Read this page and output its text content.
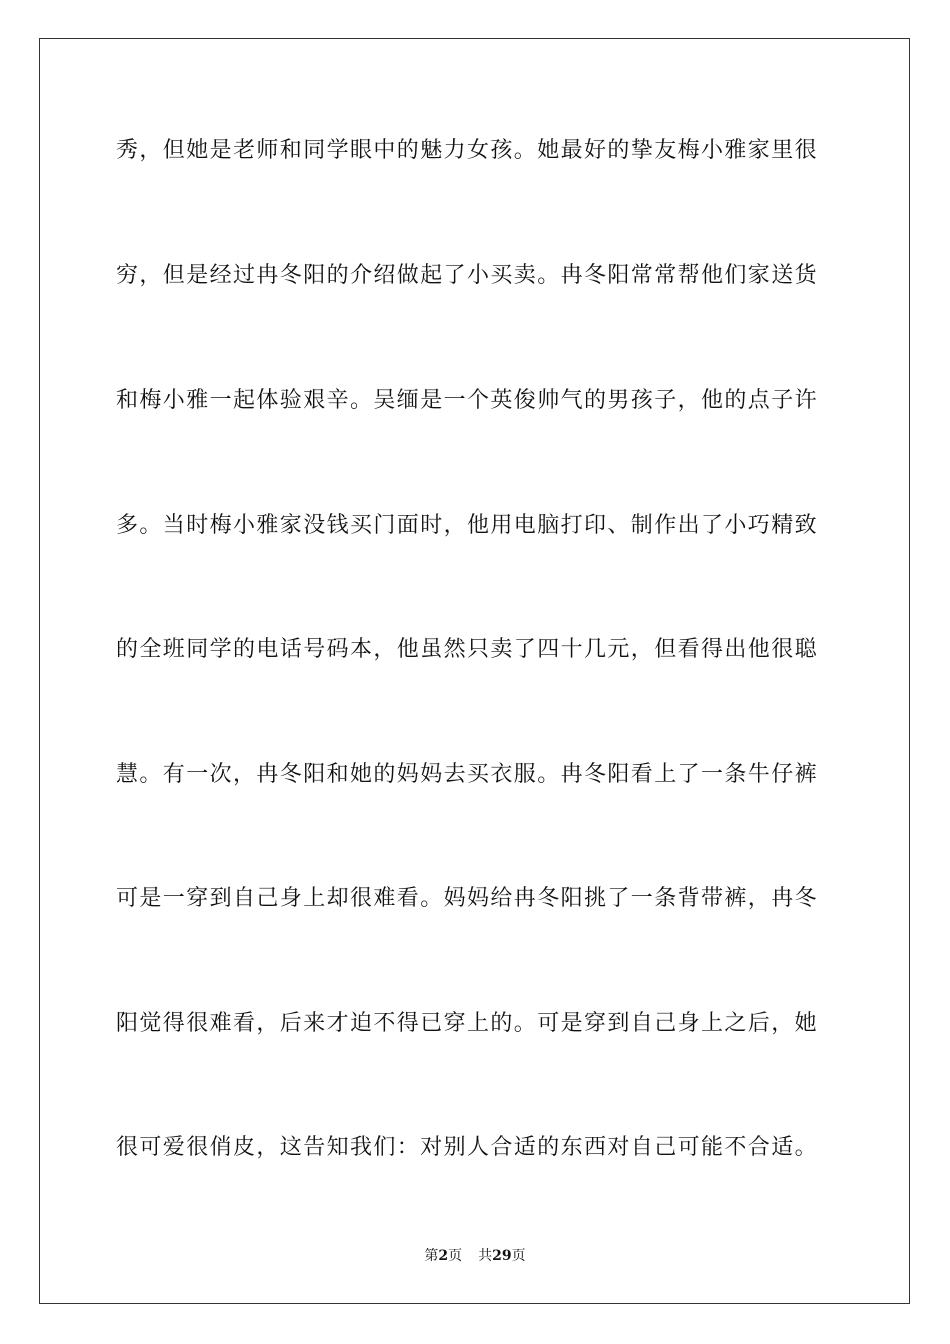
秀，但她是老师和同学眼中的魅力女孩。她最好的挚友梅小雅家里很
穷，但是经过冉冬阳的介绍做起了小买卖。冉冬阳常常帮他们家送货
和梅小雅一起体验艰辛。吴缅是一个英俊帅气的男孩子，他的点子许
多。当时梅小雅家没钱买门面时，他用电脑打印、制作出了小巧精致
的全班同学的电话号码本，他虽然只卖了四十几元，但看得出他很聪
慧。有一次，冉冬阳和她的妈妈去买衣服。冉冬阳看上了一条牛仔裤
可是一穿到自己身上却很难看。妈妈给冉冬阳挑了一条背带裤，冉冬
阳觉得很难看，后来才迫不得已穿上的。可是穿到自己身上之后，她
很可爱很俏皮，这告知我们：对别人合适的东西对自己可能不合适。
第2页 共29页
